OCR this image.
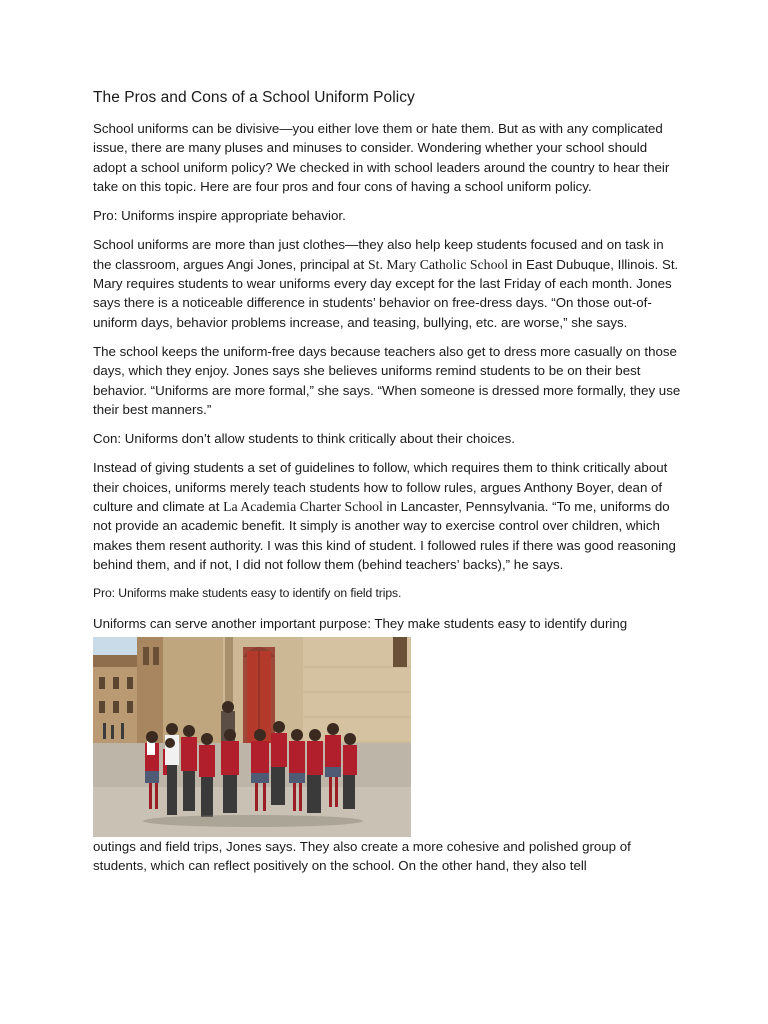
The Pros and Cons of a School Uniform Policy

School uniforms can be divisive—you either love them or hate them. But as with any complicated issue, there are many pluses and minuses to consider. Wondering whether your school should adopt a school uniform policy? We checked in with school leaders around the country to hear their take on this topic. Here are four pros and four cons of having a school uniform policy.

Pro: Uniforms inspire appropriate behavior.

School uniforms are more than just clothes—they also help keep students focused and on task in the classroom, argues Angi Jones, principal at St. Mary Catholic School in East Dubuque, Illinois. St. Mary requires students to wear uniforms every day except for the last Friday of each month. Jones says there is a noticeable difference in students’ behavior on free-dress days. “On those out-of-uniform days, behavior problems increase, and teasing, bullying, etc. are worse,” she says.

The school keeps the uniform-free days because teachers also get to dress more casually on those days, which they enjoy. Jones says she believes uniforms remind students to be on their best behavior. “Uniforms are more formal,” she says. “When someone is dressed more formally, they use their best manners.”

Con: Uniforms don’t allow students to think critically about their choices.

Instead of giving students a set of guidelines to follow, which requires them to think critically about their choices, uniforms merely teach students how to follow rules, argues Anthony Boyer, dean of culture and climate at La Academia Charter School in Lancaster, Pennsylvania. “To me, uniforms do not provide an academic benefit. It simply is another way to exercise control over children, which makes them resent authority. I was this kind of student. I followed rules if there was good reasoning behind them, and if not, I did not follow them (behind teachers’ backs),” he says.

Pro: Uniforms make students easy to identify on field trips.

Uniforms can serve another important purpose: They make students easy to identify during

outings and field trips, Jones says. They also create a more cohesive and polished group of students, which can reflect positively on the school. On the other hand, they also tell
